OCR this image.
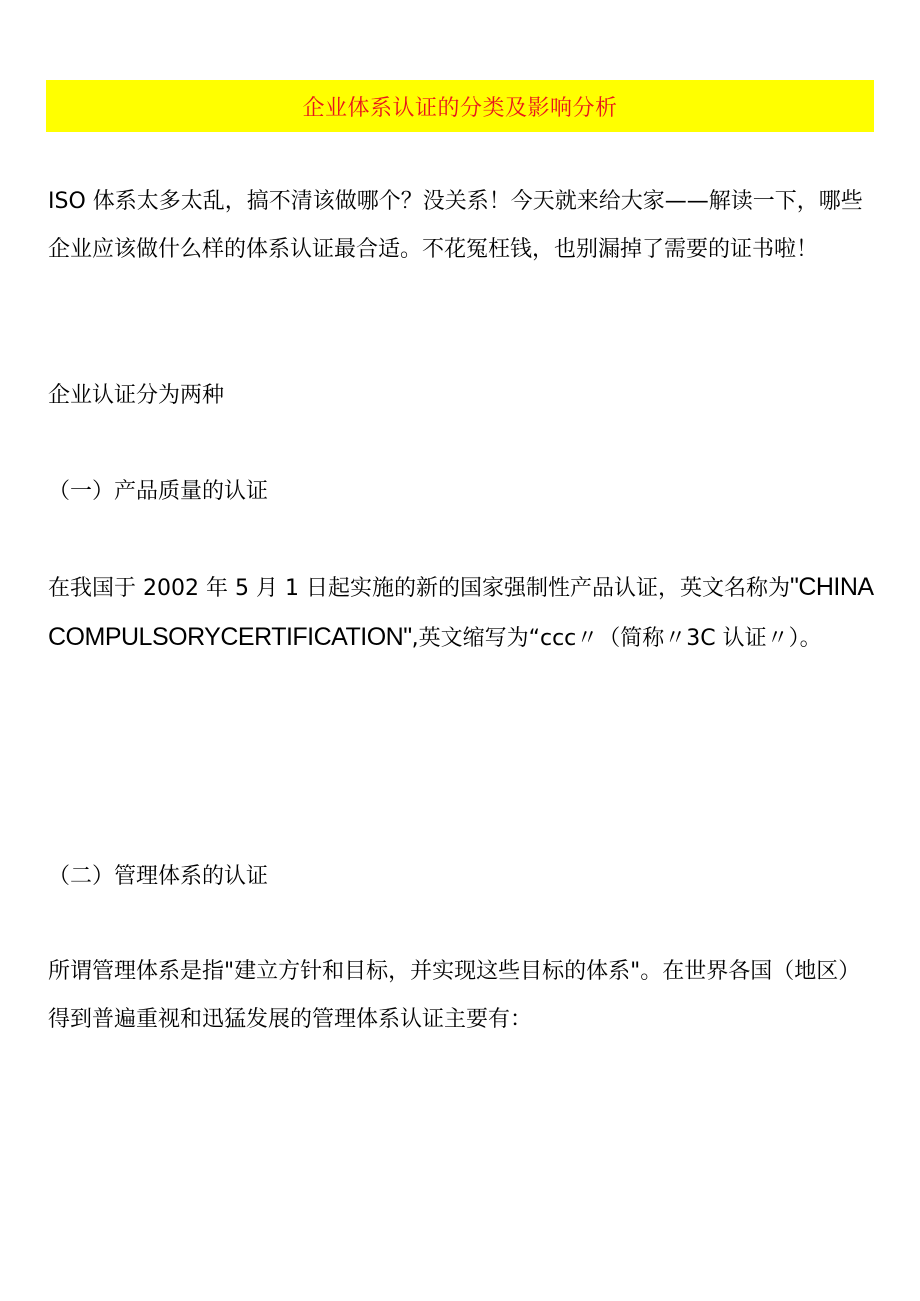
企业体系认证的分类及影响分析

ISO 体系太多太乱，搞不清该做哪个？没关系！今天就来给大家——解读一下，哪些企业应该做什么样的体系认证最合适。不花冤枉钱，也别漏掉了需要的证书啦！

企业认证分为两种

（一）产品质量的认证

在我国于 2002 年 5 月 1 日起实施的新的国家强制性产品认证，英文名称为"CHINACOMPULSORYCERTIFICATION",英文缩写为“ccc〃（简称〃3C 认证〃）。

（二）管理体系的认证

所谓管理体系是指"建立方针和目标，并实现这些目标的体系"。在世界各国（地区）得到普遍重视和迅猛发展的管理体系认证主要有：
